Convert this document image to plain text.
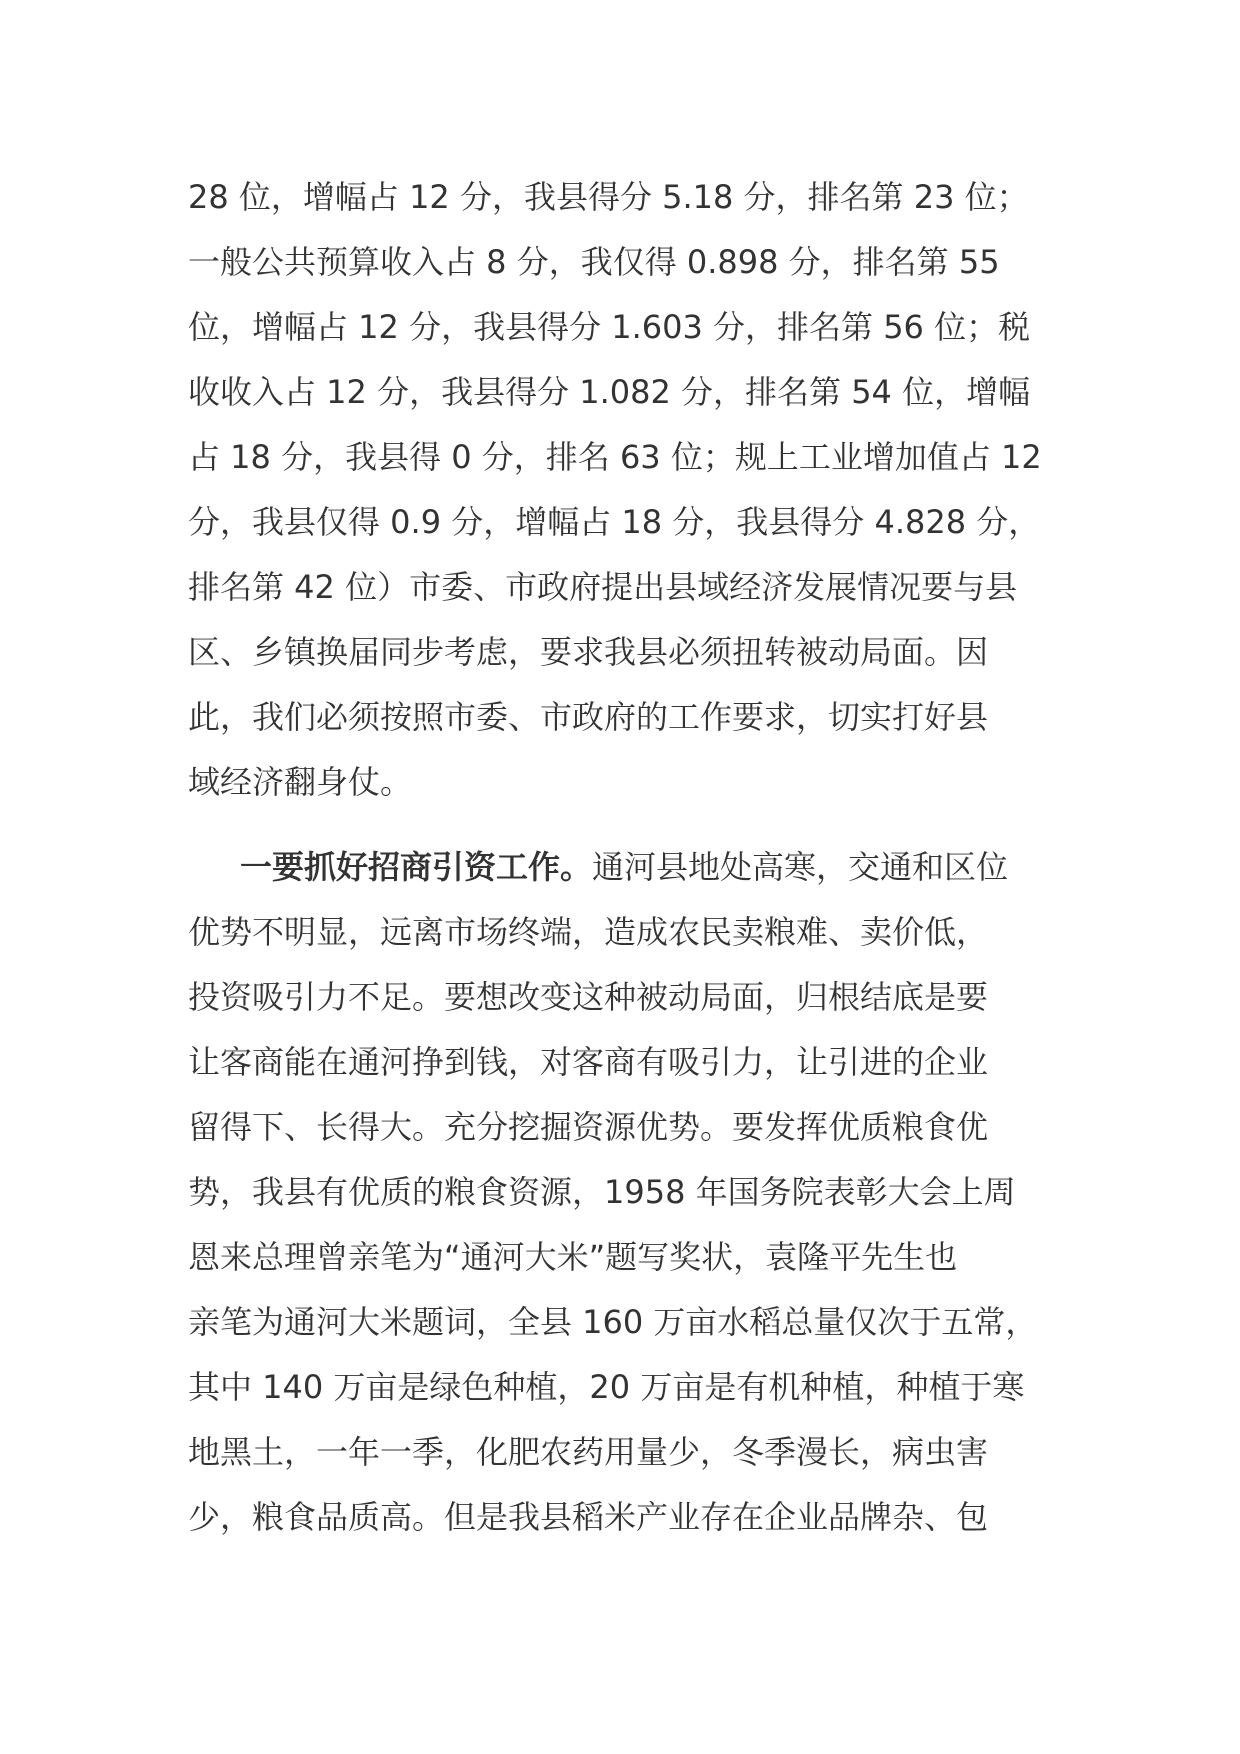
28 位，增幅占 12 分，我县得分 5.18 分，排名第 23 位；
一般公共预算收入占 8 分，我仅得 0.898 分，排名第 55
位，增幅占 12 分，我县得分 1.603 分，排名第 56 位；税
收收入占 12 分，我县得分 1.082 分，排名第 54 位，增幅
占 18 分，我县得 0 分，排名 63 位；规上工业增加值占 12
分，我县仅得 0.9 分，增幅占 18 分，我县得分 4.828 分，
排名第 42 位）市委、市政府提出县域经济发展情况要与县
区、乡镇换届同步考虑，要求我县必须扭转被动局面。因
此，我们必须按照市委、市政府的工作要求，切实打好县
域经济翻身仗。
一要抓好招商引资工作。通河县地处高寒，交通和区位
优势不明显，远离市场终端，造成农民卖粮难、卖价低，
投资吸引力不足。要想改变这种被动局面，归根结底是要
让客商能在通河挣到钱，对客商有吸引力，让引进的企业
留得下、长得大。充分挖掘资源优势。要发挥优质粮食优
势，我县有优质的粮食资源，1958 年国务院表彰大会上周
恩来总理曾亲笔为“通河大米”题写奖状，袁隆平先生也
亲笔为通河大米题词，全县 160 万亩水稻总量仅次于五常，
其中 140 万亩是绿色种植，20 万亩是有机种植，种植于寒
地黑土，一年一季，化肥农药用量少，冬季漫长，病虫害
少，粮食品质高。但是我县稻米产业存在企业品牌杂、包
